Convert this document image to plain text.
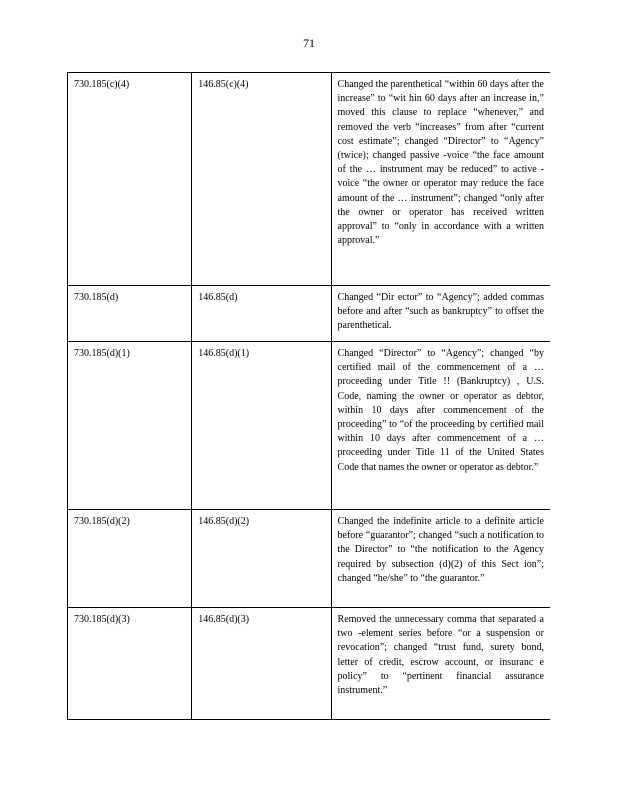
71
730.185(c)(4)	146.85(c)(4)	Changed the parenthetical “within 60 days after the increase” to “wit hin 60 days after an increase in,” moved this clause to replace “whenever,” and removed the verb “increases” from after “current cost estimate”; changed “Director” to “Agency” (twice); changed passive -voice “the face amount of the … instrument may be reduced” to active -voice “the owner or operator may reduce the face amount of the … instrument”; changed “only after the owner or operator has received written approval” to “only in accordance with a written approval.”
730.185(d)	146.85(d)	Changed “Dir ector” to “Agency”; added commas before and after “such as bankruptcy” to offset the parenthetical.
730.185(d)(1)	146.85(d)(1)	Changed “Director” to “Agency”; changed “by certified mail of the commencement of a … proceeding under Title !! (Bankruptcy) , U.S. Code, naming the owner or operator as debtor, within 10 days after commencement of the proceeding” to “of the proceeding by certified mail within 10 days after commencement of a … proceeding under Title 11 of the United States Code that names the owner or operator as debtor.”
730.185(d)(2)	146.85(d)(2)	Changed the indefinite article to a definite article before “guarantor”; changed “such a notification to the Director” to “the notification to the Agency required by subsection (d)(2) of this Sect ion”; changed “he/she” to “the guarantor.”
730.185(d)(3)	146.85(d)(3)	Removed the unnecessary comma that separated a two -element series before “or a suspension or revocation”; changed “trust fund, surety bond, letter of credit, escrow account, or insuranc e policy” to “pertinent financial assurance instrument.”
